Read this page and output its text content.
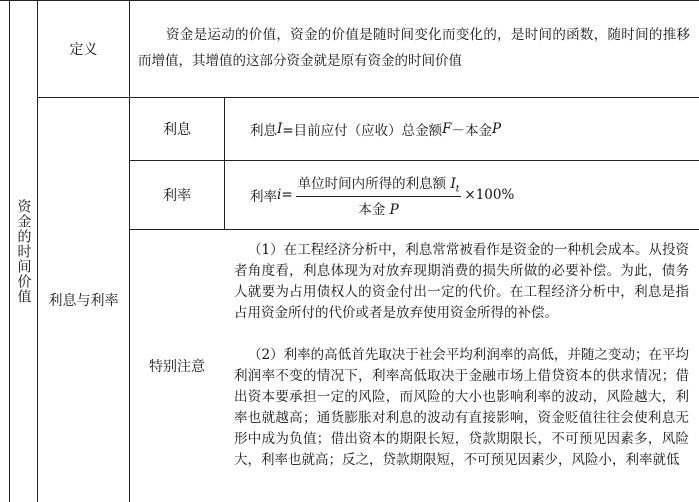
资金的时间价值
定义
资金是运动的价值，资金的价值是随时间变化而变化的，是时间的函数，随时间的推移而增值，其增值的这部分资金就是原有资金的时间价值
利息与利率
利息	利息 I =目前应付（应收）总金额 F －本金 P
利率	利率 $i = \frac{单位时间内所得的利息额 I_t}{\text{本金 P}} \times 100\%$
特别注意
（1）在工程经济分析中，利息常常被看作是资金的一种机会成本。从投资者角度看，利息体现为对放弃现期消费的损失所做的必要补偿。为此，债务人就要为占用债权人的资金付出一定的代价。在工程经济分析中，利息是指占用资金所付的代价或者是放弃使用资金所得的补偿。
（2）利率的高低首先取决于社会平均利润率的高低，并随之变动；在平均利润率不变的情况下，利率高低取决于金融市场上借贷资本的供求情况；借出资本要承担一定的风险，而风险的大小也影响利率的波动，风险越大，利率也就越高；通货膨胀对利息的波动有直接影响，资金贬值往往会使利息无形中成为负值；借出资本的期限长短，贷款期限长，不可预见因素多，风险大，利率也就高；反之，贷款期限短，不可预见因素少，风险小，利率就低
